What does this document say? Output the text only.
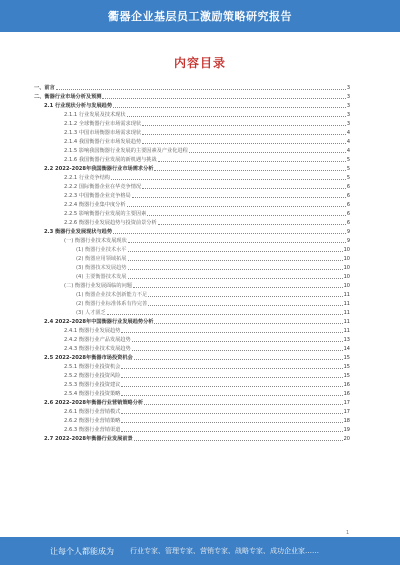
衢器企业基层员工激励策略研究报告
内容目录
一、前言	3
二、衡器行业市场分析及预测	3
2.1 行业现状分析与发展趋势	3
2.1.1 行业发展及技术现状	3
2.1.2 全球衡器行业市场需求现状	3
2.1.3 中国市场衡器市场需求现状	4
2.1.4 我国衡器行业市场发展趋势	4
2.1.5 影响我国衡器行业发展的主要因素及产业化进程	4
2.1.6 我国衡器行业发展的新机遇与挑战	5
2.2 2022-2028年我国衡器行业市场需求分析	5
2.2.1 行业竞争结构	5
2.2.2 国际衡器企业在华竞争情况	6
2.2.3 中国衡器企业竞争格局	6
2.2.4 衡器行业集中度分析	6
2.2.5 影响衡器行业发展的主要因素	6
2.2.6 衡器行业发展趋势与投资前景分析	6
2.3 衡器行业发展现状与趋势	9
(一) 衡器行业技术发展现状	9
(1) 衡器行业技术水平	10
(2) 衡器应用领域拓展	10
(3) 衡器技术发展趋势	10
(4) 主要衡器技术发展	10
(二) 衡器行业发展面临的问题	10
(1) 衡器企业技术创新能力不足	11
(2) 衡器行业标准体系有待完善	11
(3) 人才匮乏	11
2.4 2022-2028年中国衡器行业发展趋势分析	11
2.4.1 衡器行业发展趋势	11
2.4.2 衡器行业产品发展趋势	13
2.4.3 衡器行业技术发展趋势	14
2.5 2022-2028年衡器市场投资机会	15
2.5.1 衡器行业投资机会	15
2.5.2 衡器行业投资风险	15
2.5.3 衡器行业投资建议	16
2.5.4 衡器行业投资策略	16
2.6 2022-2028年衡器行业营销策略分析	17
2.6.1 衡器行业营销模式	17
2.6.2 衡器行业营销策略	18
2.6.3 衡器行业营销渠道	19
2.7 2022-2028年衡器行业发展前景	20
1
让每个人都能成为 行业专家、管理专家、营销专家、战略专家、成功企业家……
